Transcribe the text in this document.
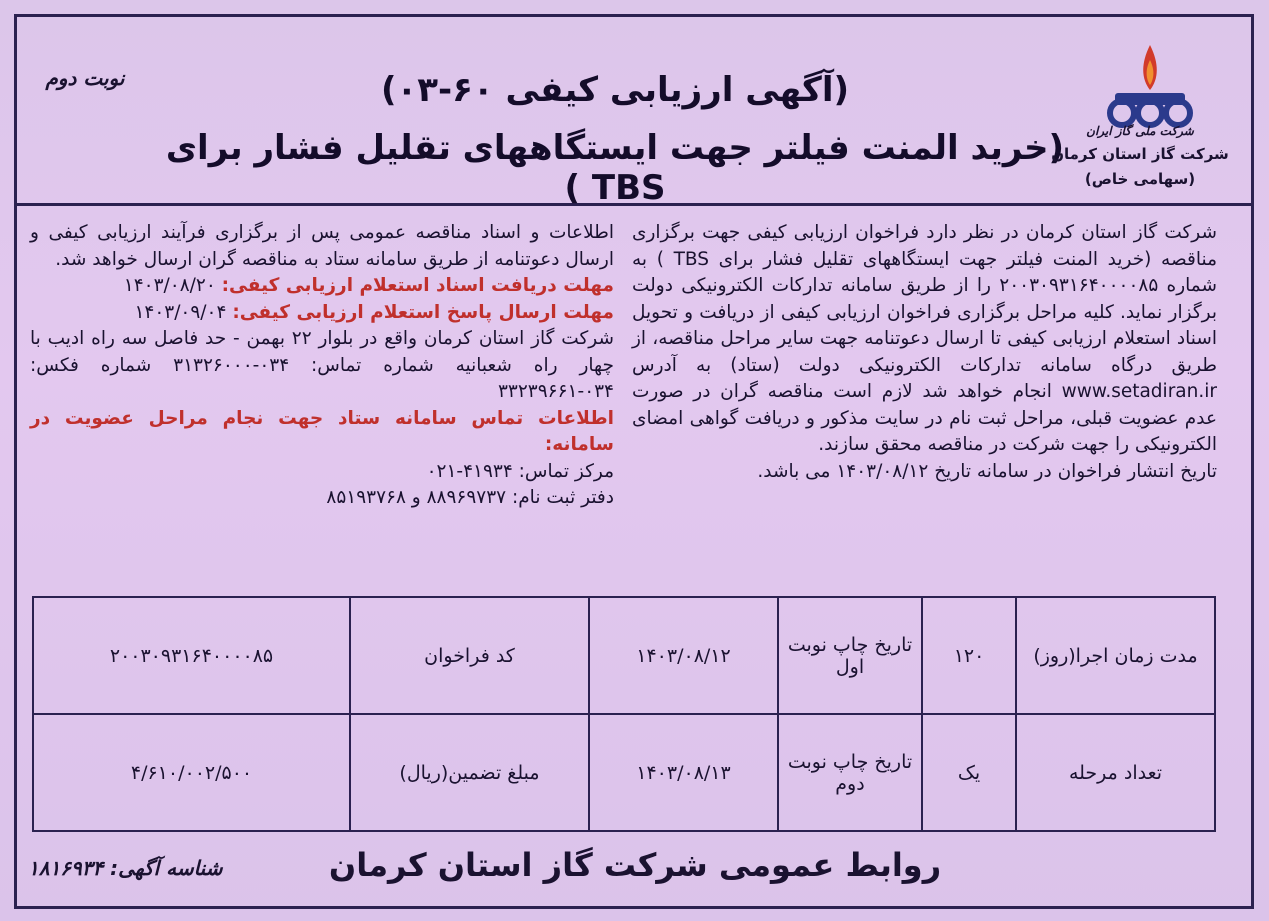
نوبت دوم	(آگهی ارزیابی کیفی ۶۰-۰۳)
(خرید المنت فیلتر جهت ایستگاههای تقلیل فشار برای TBS )
شرکت ملی گاز ایران
شرکت گاز استان کرمان
(سهامی خاص)

شرکت گاز استان کرمان در نظر دارد فراخوان ارزیابی کیفی جهت برگزاری مناقصه (خرید المنت فیلتر جهت ایستگاههای تقلیل فشار برای TBS ) به شماره ۲۰۰۳۰۹۳۱۶۴۰۰۰۰۸۵ را از طریق سامانه تدارکات الکترونیکی دولت برگزار نماید. کلیه مراحل برگزاری فراخوان ارزیابی کیفی از دریافت و تحویل اسناد استعلام ارزیابی کیفی تا ارسال دعوتنامه جهت سایر مراحل مناقصه، از طریق درگاه سامانه تدارکات الکترونیکی دولت (ستاد) به آدرس www.setadiran.ir انجام خواهد شد لازم است مناقصه گران در صورت عدم عضویت قبلی، مراحل ثبت نام در سایت مذکور و دریافت گواهی امضای الکترونیکی را جهت شرکت در مناقصه محقق سازند.

تاریخ انتشار فراخوان در سامانه تاریخ ۱۴۰۳/۰۸/۱۲ می باشد.

اطلاعات و اسناد مناقصه عمومی پس از برگزاری فرآیند ارزیابی کیفی و ارسال دعوتنامه از طریق سامانه ستاد به مناقصه گران ارسال خواهد شد.

مهلت دریافت اسناد استعلام ارزیابی کیفی: ۱۴۰۳/۰۸/۲۰

مهلت ارسال پاسخ استعلام ارزیابی کیفی: ۱۴۰۳/۰۹/۰۴

شرکت گاز استان کرمان واقع در بلوار ۲۲ بهمن - حد فاصل سه راه ادیب با چهار راه شعبانیه شماره تماس: ۰۳۴-۳۱۳۲۶۰۰۰ شماره فکس: ۰۳۴-۳۳۲۳۹۶۶۱

اطلاعات تماس سامانه ستاد جهت نجام مراحل عضویت در سامانه:

مرکز تماس: ۴۱۹۳۴-۰۲۱

دفتر ثبت نام: ۸۸۹۶۹۷۳۷ و ۸۵۱۹۳۷۶۸

مدت زمان اجرا(روز)	۱۲۰	تاریخ چاپ نوبت اول	۱۴۰۳/۰۸/۱۲	کد فراخوان	۲۰۰۳۰۹۳۱۶۴۰۰۰۰۸۵
تعداد مرحله	یک	تاریخ چاپ نوبت دوم	۱۴۰۳/۰۸/۱۳	مبلغ تضمین(ریال)	۴/۶۱۰/۰۰۲/۵۰۰
روابط عمومی شرکت گاز استان کرمان
شناسه آگهی: ۱۸۱۶۹۳۴
